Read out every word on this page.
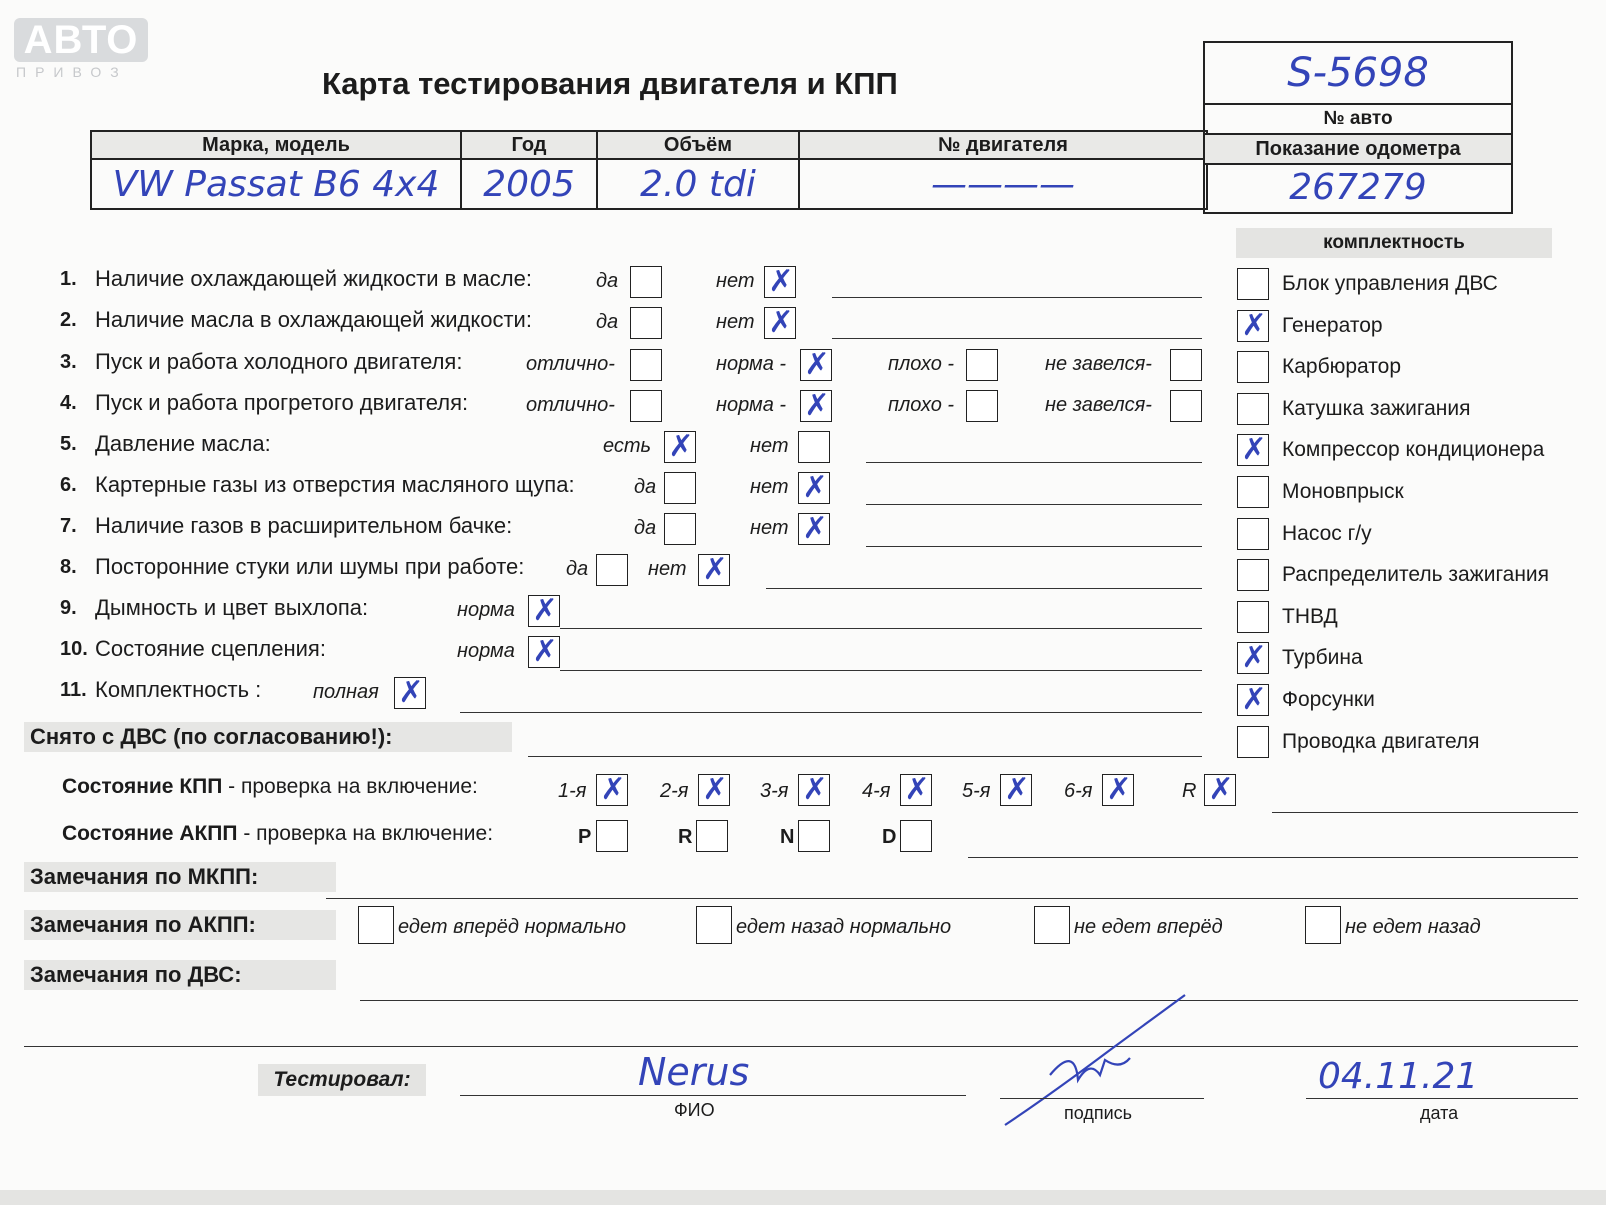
АВТО
ПРИВОЗ	Карта тестирования двигателя и КПП
Марка, модель	Год	Объём	№ двигателя
VW Passat B6 4x4	2005	2.0 tdi	————
S-5698
№ авто
Показание одометра
267279
комплектность
1. Наличие охлаждающей жидкости в масле:	да	нет ✗
2. Наличие масла в охлаждающей жидкости:	да	нет ✗
3. Пуск и работа холодного двигателя:	отлично-	норма - ✗	плохо -	не завелся-
4. Пуск и работа прогретого двигателя:	отлично-	норма - ✗	плохо -	не завелся-
5. Давление масла:	есть ✗	нет
6. Картерные газы из отверстия масляного щупа:	да	нет ✗
7. Наличие газов в расширительном бачке:	да	нет ✗
8. Посторонние стуки или шумы при работе: да	нет ✗
9. Дымность и цвет выхлопа:	норма ✗
10. Состояние сцепления:	норма ✗
11. Комплектность :	полная ✗
Блок управления ДВС
✗ Генератор
Карбюратор
Катушка зажигания
✗ Компрессор кондиционера
Моновпрыск
Насос г/у
Распределитель зажигания
ТНВД
✗ Турбина
✗ Форсунки
Проводка двигателя
Снято с ДВС (по согласованию!):
Состояние КПП - проверка на включение:	1-я ✗ 2-я ✗ 3-я ✗ 4-я ✗ 5-я ✗ 6-я ✗	R ✗
Состояние АКПП - проверка на включение:	P	R	N	D
Замечания по МКПП:
Замечания по АКПП:	едет вперёд нормально	едет назад нормально	не едет вперёд	не едет назад
Замечания по ДВС:
Тестировал:	Nerus
ФИО	подпись
04.11.21
дата
